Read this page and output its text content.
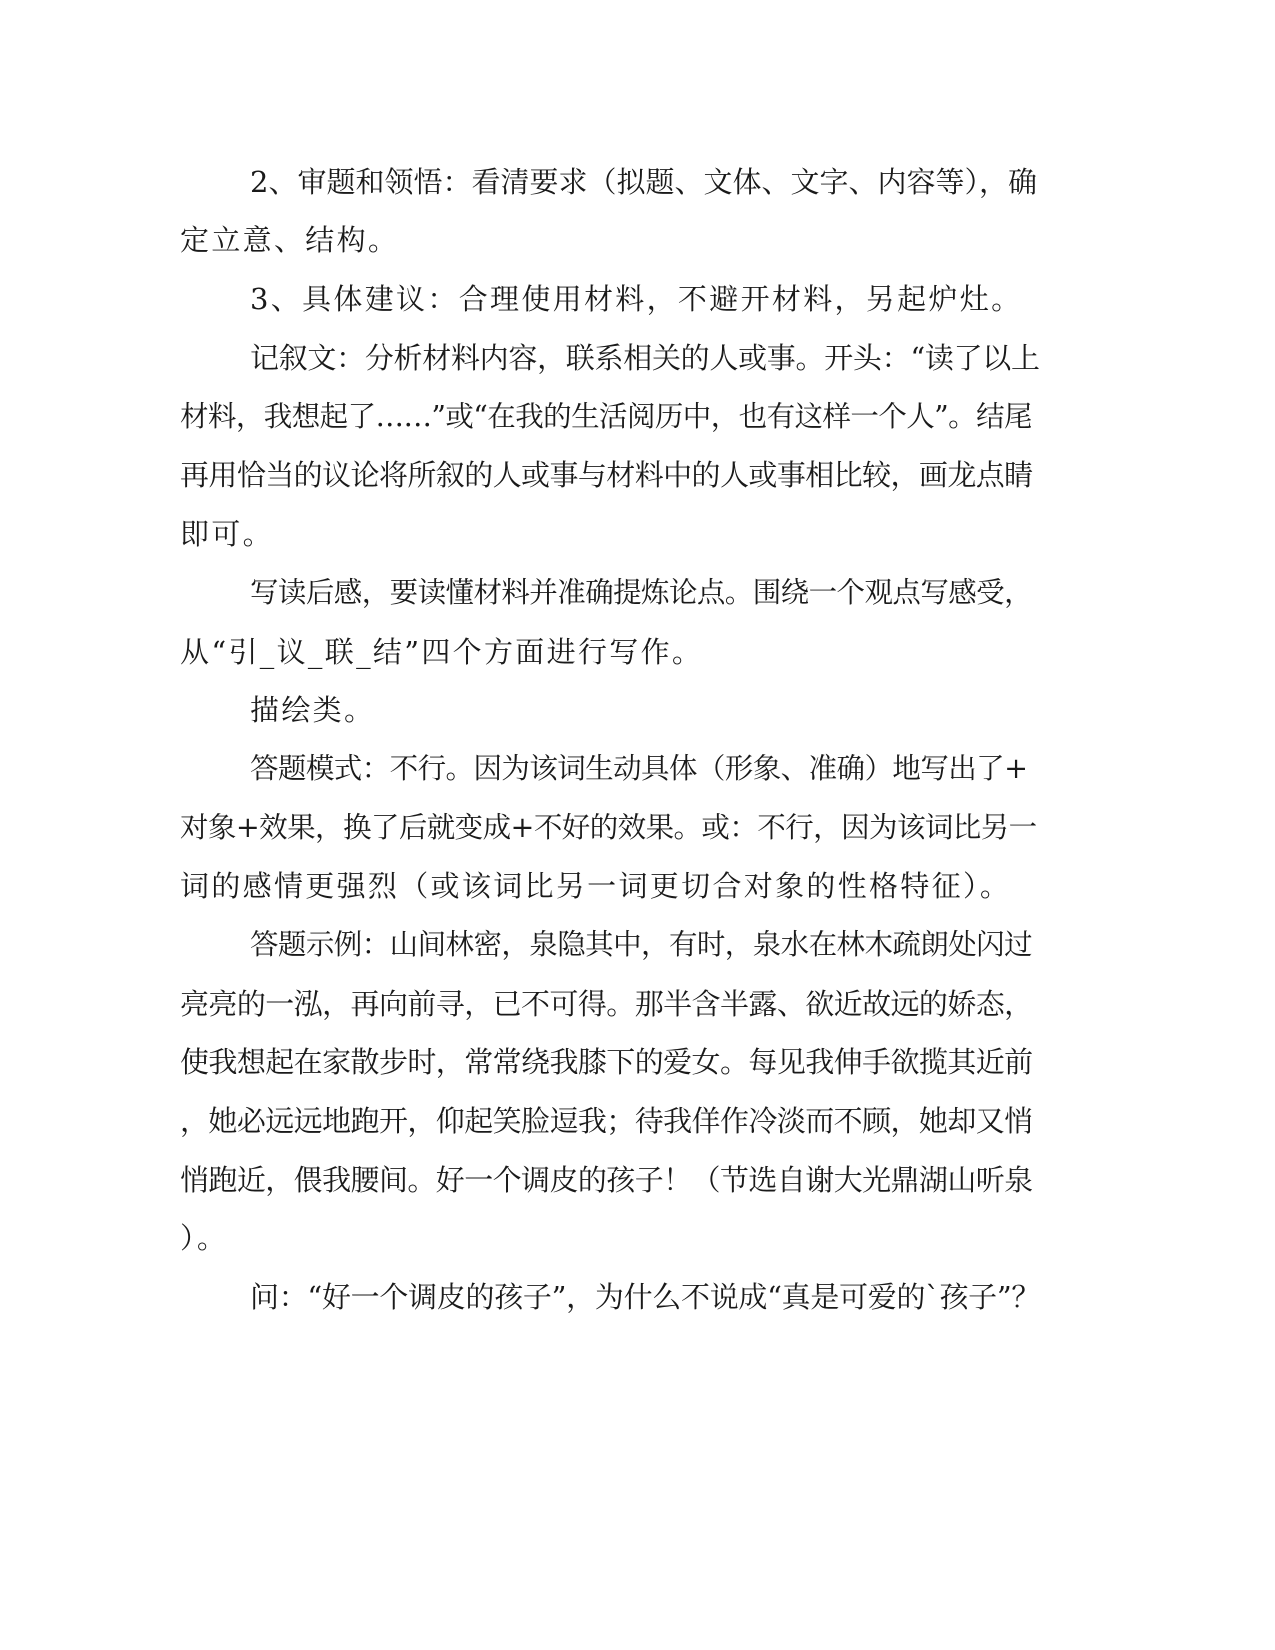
2、审题和领悟：看清要求（拟题、文体、文字、内容等），确
定立意、结构。
3、具体建议：合理使用材料，不避开材料，另起炉灶。
记叙文：分析材料内容，联系相关的人或事。开头：“读了以上
材料，我想起了……”或“在我的生活阅历中，也有这样一个人”。结尾
再用恰当的议论将所叙的人或事与材料中的人或事相比较，画龙点睛
即可。
写读后感，要读懂材料并准确提炼论点。围绕一个观点写感受，
从“引_议_联_结”四个方面进行写作。
描绘类。
答题模式：不行。因为该词生动具体（形象、准确）地写出了+
对象+效果，换了后就变成+不好的效果。或：不行，因为该词比另一
词的感情更强烈（或该词比另一词更切合对象的性格特征）。
答题示例：山间林密，泉隐其中，有时，泉水在林木疏朗处闪过
亮亮的一泓，再向前寻，已不可得。那半含半露、欲近故远的娇态，
使我想起在家散步时，常常绕我膝下的爱女。每见我伸手欲揽其近前
，她必远远地跑开，仰起笑脸逗我；待我佯作冷淡而不顾，她却又悄
悄跑近，偎我腰间。好一个调皮的孩子！（节选自谢大光鼎湖山听泉
）。
问：“好一个调皮的孩子”，为什么不说成“真是可爱的`孩子”？
